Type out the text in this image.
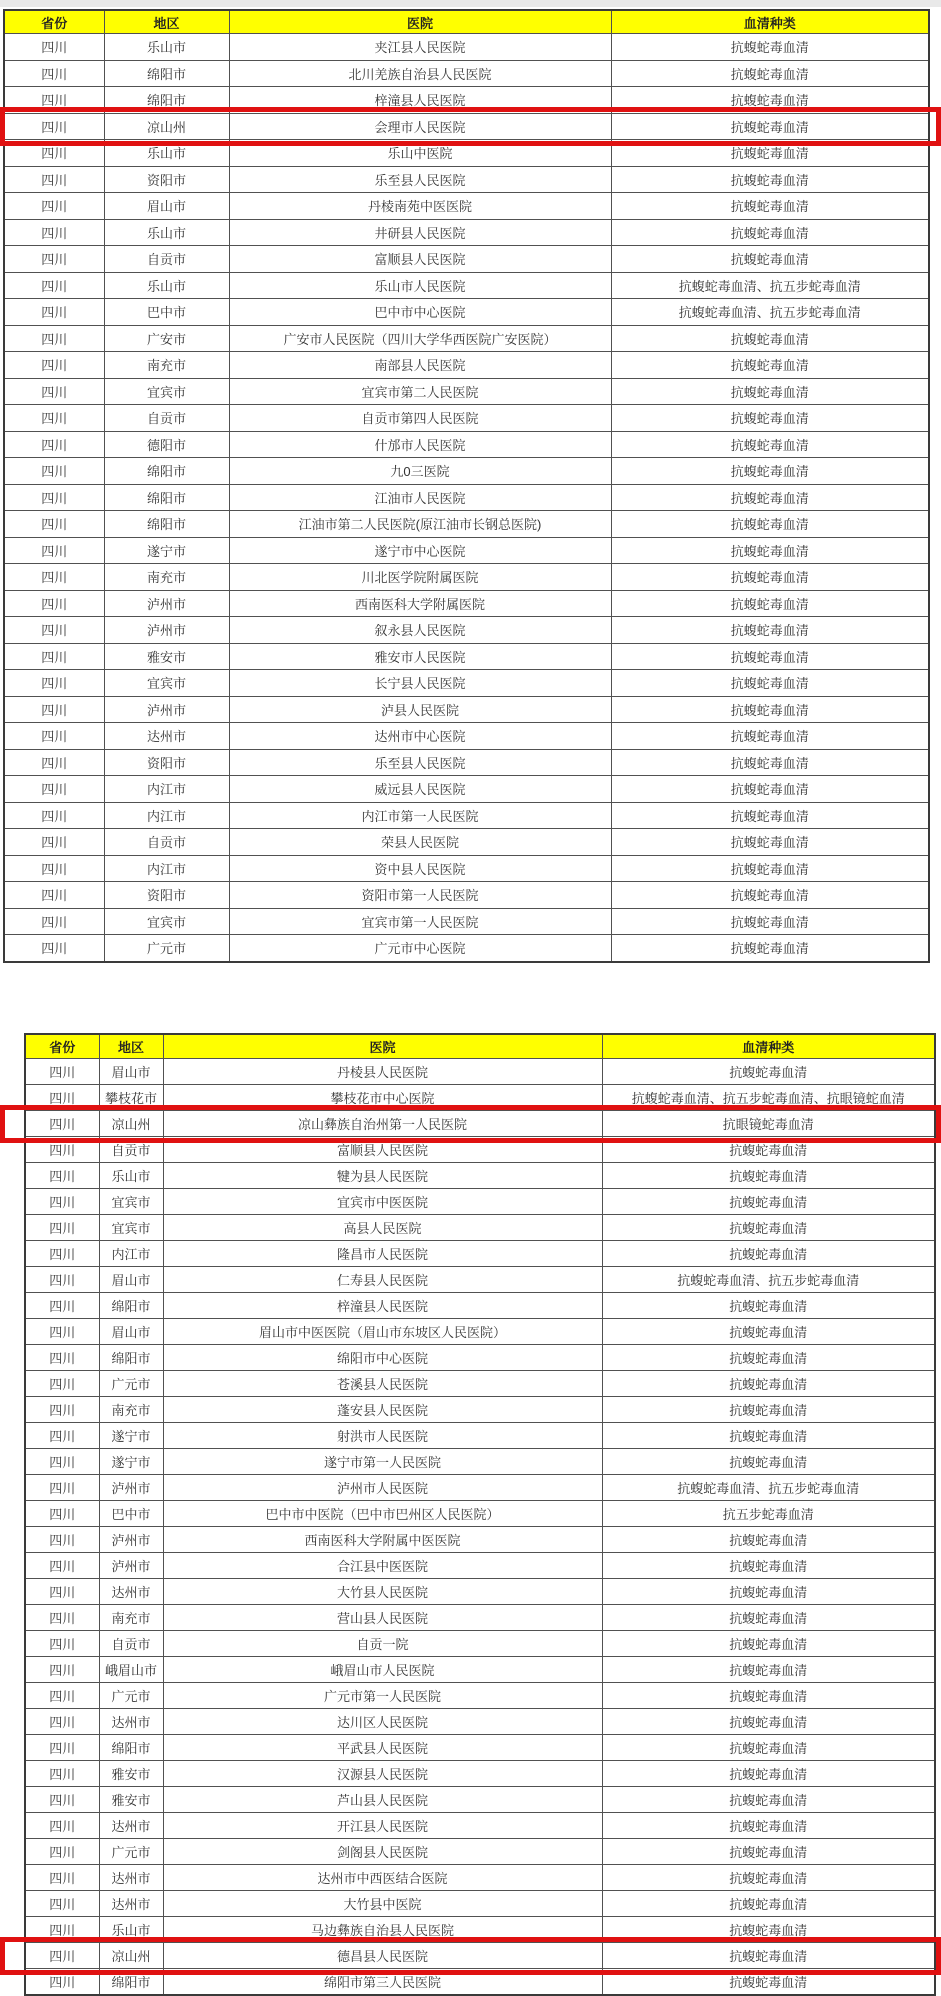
省份	地区	医院	血清种类
四川	乐山市	夹江县人民医院	抗蝮蛇毒血清
四川	绵阳市	北川羌族自治县人民医院	抗蝮蛇毒血清
四川	绵阳市	梓潼县人民医院	抗蝮蛇毒血清
四川	凉山州	会理市人民医院	抗蝮蛇毒血清
四川	乐山市	乐山中医院	抗蝮蛇毒血清
四川	资阳市	乐至县人民医院	抗蝮蛇毒血清
四川	眉山市	丹棱南苑中医医院	抗蝮蛇毒血清
四川	乐山市	井研县人民医院	抗蝮蛇毒血清
四川	自贡市	富顺县人民医院	抗蝮蛇毒血清
四川	乐山市	乐山市人民医院	抗蝮蛇毒血清、抗五步蛇毒血清
四川	巴中市	巴中市中心医院	抗蝮蛇毒血清、抗五步蛇毒血清
四川	广安市	广安市人民医院（四川大学华西医院广安医院）	抗蝮蛇毒血清
四川	南充市	南部县人民医院	抗蝮蛇毒血清
四川	宜宾市	宜宾市第二人民医院	抗蝮蛇毒血清
四川	自贡市	自贡市第四人民医院	抗蝮蛇毒血清
四川	德阳市	什邡市人民医院	抗蝮蛇毒血清
四川	绵阳市	九0三医院	抗蝮蛇毒血清
四川	绵阳市	江油市人民医院	抗蝮蛇毒血清
四川	绵阳市	江油市第二人民医院(原江油市长钢总医院)	抗蝮蛇毒血清
四川	遂宁市	遂宁市中心医院	抗蝮蛇毒血清
四川	南充市	川北医学院附属医院	抗蝮蛇毒血清
四川	泸州市	西南医科大学附属医院	抗蝮蛇毒血清
四川	泸州市	叙永县人民医院	抗蝮蛇毒血清
四川	雅安市	雅安市人民医院	抗蝮蛇毒血清
四川	宜宾市	长宁县人民医院	抗蝮蛇毒血清
四川	泸州市	泸县人民医院	抗蝮蛇毒血清
四川	达州市	达州市中心医院	抗蝮蛇毒血清
四川	资阳市	乐至县人民医院	抗蝮蛇毒血清
四川	内江市	威远县人民医院	抗蝮蛇毒血清
四川	内江市	内江市第一人民医院	抗蝮蛇毒血清
四川	自贡市	荣县人民医院	抗蝮蛇毒血清
四川	内江市	资中县人民医院	抗蝮蛇毒血清
四川	资阳市	资阳市第一人民医院	抗蝮蛇毒血清
四川	宜宾市	宜宾市第一人民医院	抗蝮蛇毒血清
四川	广元市	广元市中心医院	抗蝮蛇毒血清
省份	地区	医院	血清种类
四川	眉山市	丹棱县人民医院	抗蝮蛇毒血清
四川	攀枝花市	攀枝花市中心医院	抗蝮蛇毒血清、抗五步蛇毒血清、抗眼镜蛇血清
四川	凉山州	凉山彝族自治州第一人民医院	抗眼镜蛇毒血清
四川	自贡市	富顺县人民医院	抗蝮蛇毒血清
四川	乐山市	犍为县人民医院	抗蝮蛇毒血清
四川	宜宾市	宜宾市中医医院	抗蝮蛇毒血清
四川	宜宾市	高县人民医院	抗蝮蛇毒血清
四川	内江市	隆昌市人民医院	抗蝮蛇毒血清
四川	眉山市	仁寿县人民医院	抗蝮蛇毒血清、抗五步蛇毒血清
四川	绵阳市	梓潼县人民医院	抗蝮蛇毒血清
四川	眉山市	眉山市中医医院（眉山市东坡区人民医院）	抗蝮蛇毒血清
四川	绵阳市	绵阳市中心医院	抗蝮蛇毒血清
四川	广元市	苍溪县人民医院	抗蝮蛇毒血清
四川	南充市	蓬安县人民医院	抗蝮蛇毒血清
四川	遂宁市	射洪市人民医院	抗蝮蛇毒血清
四川	遂宁市	遂宁市第一人民医院	抗蝮蛇毒血清
四川	泸州市	泸州市人民医院	抗蝮蛇毒血清、抗五步蛇毒血清
四川	巴中市	巴中市中医院（巴中市巴州区人民医院）	抗五步蛇毒血清
四川	泸州市	西南医科大学附属中医医院	抗蝮蛇毒血清
四川	泸州市	合江县中医医院	抗蝮蛇毒血清
四川	达州市	大竹县人民医院	抗蝮蛇毒血清
四川	南充市	营山县人民医院	抗蝮蛇毒血清
四川	自贡市	自贡一院	抗蝮蛇毒血清
四川	峨眉山市	峨眉山市人民医院	抗蝮蛇毒血清
四川	广元市	广元市第一人民医院	抗蝮蛇毒血清
四川	达州市	达川区人民医院	抗蝮蛇毒血清
四川	绵阳市	平武县人民医院	抗蝮蛇毒血清
四川	雅安市	汉源县人民医院	抗蝮蛇毒血清
四川	雅安市	芦山县人民医院	抗蝮蛇毒血清
四川	达州市	开江县人民医院	抗蝮蛇毒血清
四川	广元市	剑阁县人民医院	抗蝮蛇毒血清
四川	达州市	达州市中西医结合医院	抗蝮蛇毒血清
四川	达州市	大竹县中医院	抗蝮蛇毒血清
四川	乐山市	马边彝族自治县人民医院	抗蝮蛇毒血清
四川	凉山州	德昌县人民医院	抗蝮蛇毒血清
四川	绵阳市	绵阳市第三人民医院	抗蝮蛇毒血清
